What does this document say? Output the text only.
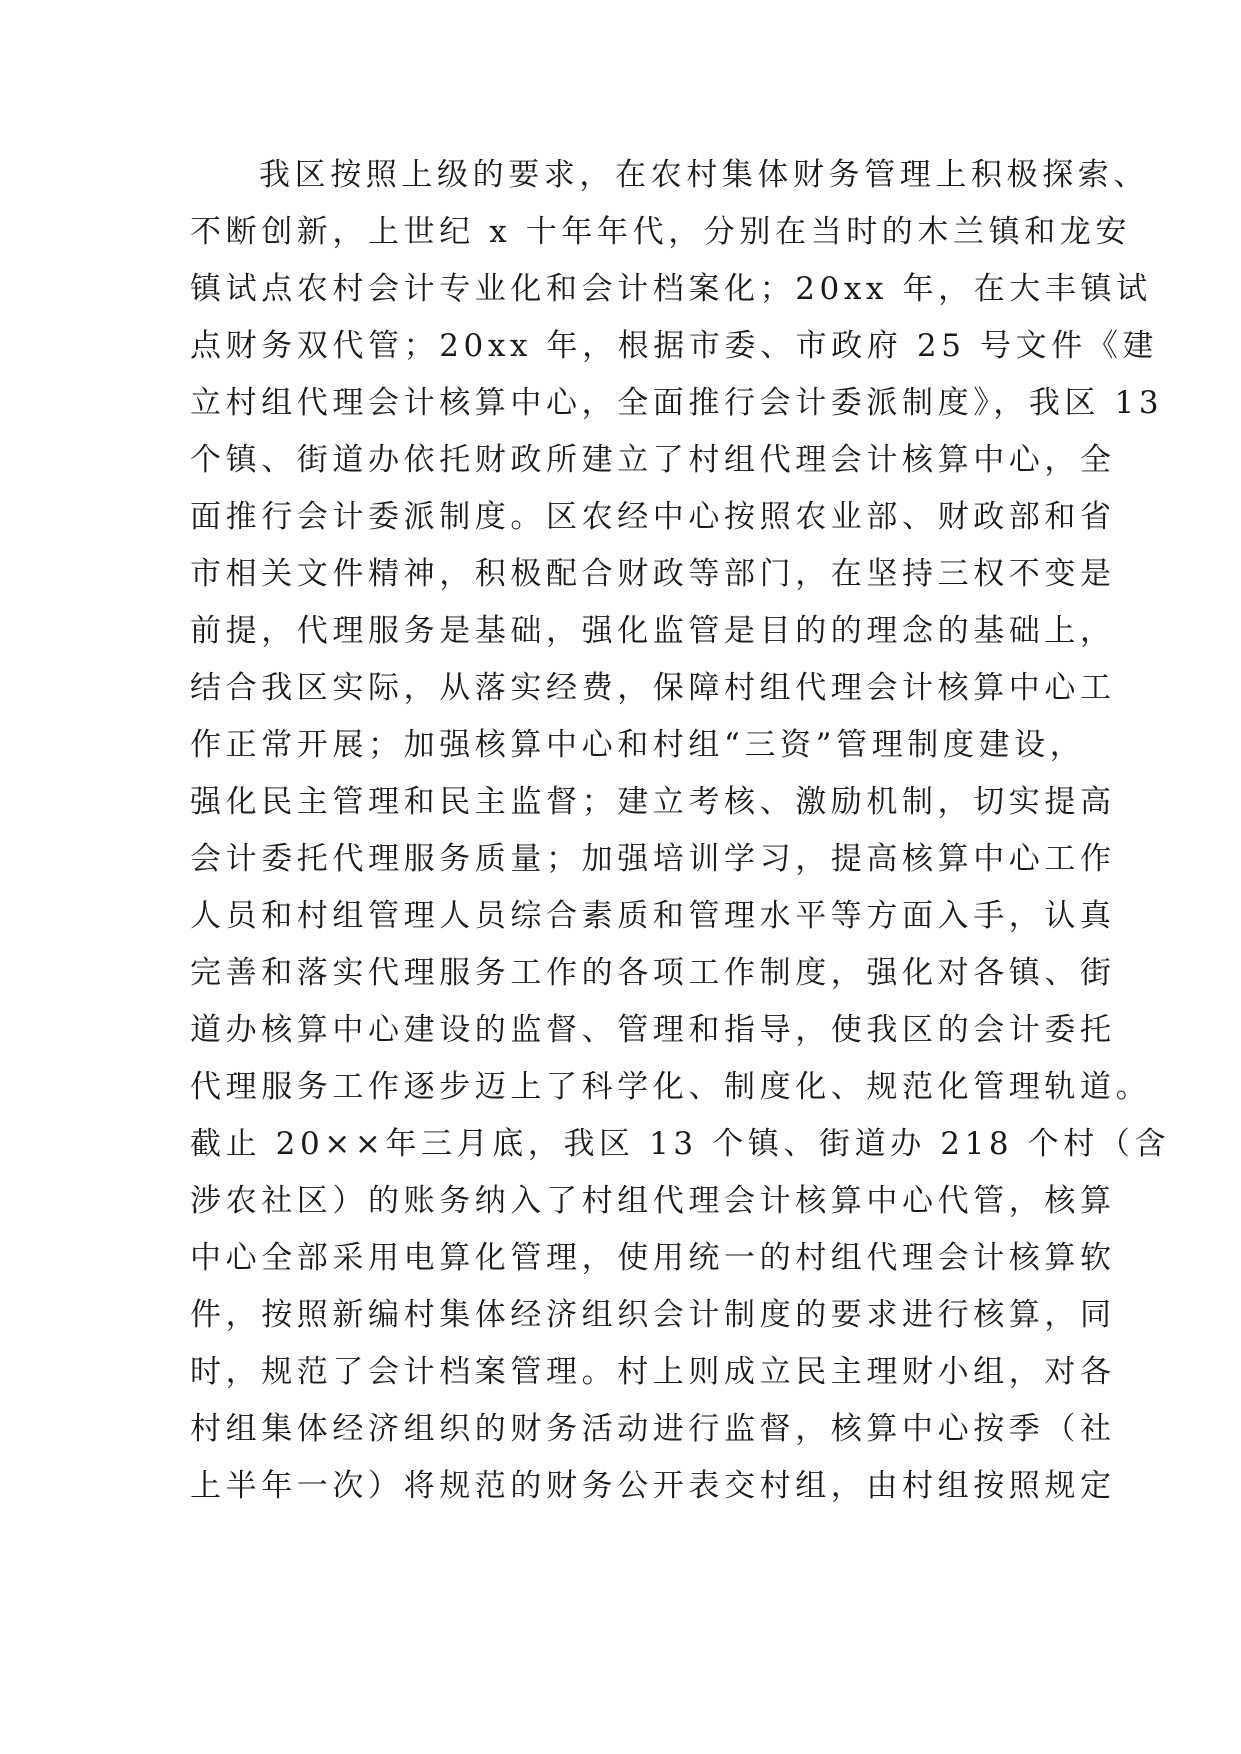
我区按照上级的要求，在农村集体财务管理上积极探索、
不断创新，上世纪 x 十年年代，分别在当时的木兰镇和龙安
镇试点农村会计专业化和会计档案化；20xx 年，在大丰镇试
点财务双代管；20xx 年，根据市委、市政府 25 号文件《建
立村组代理会计核算中心，全面推行会计委派制度》，我区 13
个镇、街道办依托财政所建立了村组代理会计核算中心，全
面推行会计委派制度。区农经中心按照农业部、财政部和省
市相关文件精神，积极配合财政等部门，在坚持三权不变是
前提，代理服务是基础，强化监管是目的的理念的基础上，
结合我区实际，从落实经费，保障村组代理会计核算中心工
作正常开展；加强核算中心和村组“三资”管理制度建设，
强化民主管理和民主监督；建立考核、激励机制，切实提高
会计委托代理服务质量；加强培训学习，提高核算中心工作
人员和村组管理人员综合素质和管理水平等方面入手，认真
完善和落实代理服务工作的各项工作制度，强化对各镇、街
道办核算中心建设的监督、管理和指导，使我区的会计委托
代理服务工作逐步迈上了科学化、制度化、规范化管理轨道。
截止 20××年三月底，我区 13 个镇、街道办 218 个村（含
涉农社区）的账务纳入了村组代理会计核算中心代管，核算
中心全部采用电算化管理，使用统一的村组代理会计核算软
件，按照新编村集体经济组织会计制度的要求进行核算，同
时，规范了会计档案管理。村上则成立民主理财小组，对各
村组集体经济组织的财务活动进行监督，核算中心按季（社
上半年一次）将规范的财务公开表交村组，由村组按照规定
